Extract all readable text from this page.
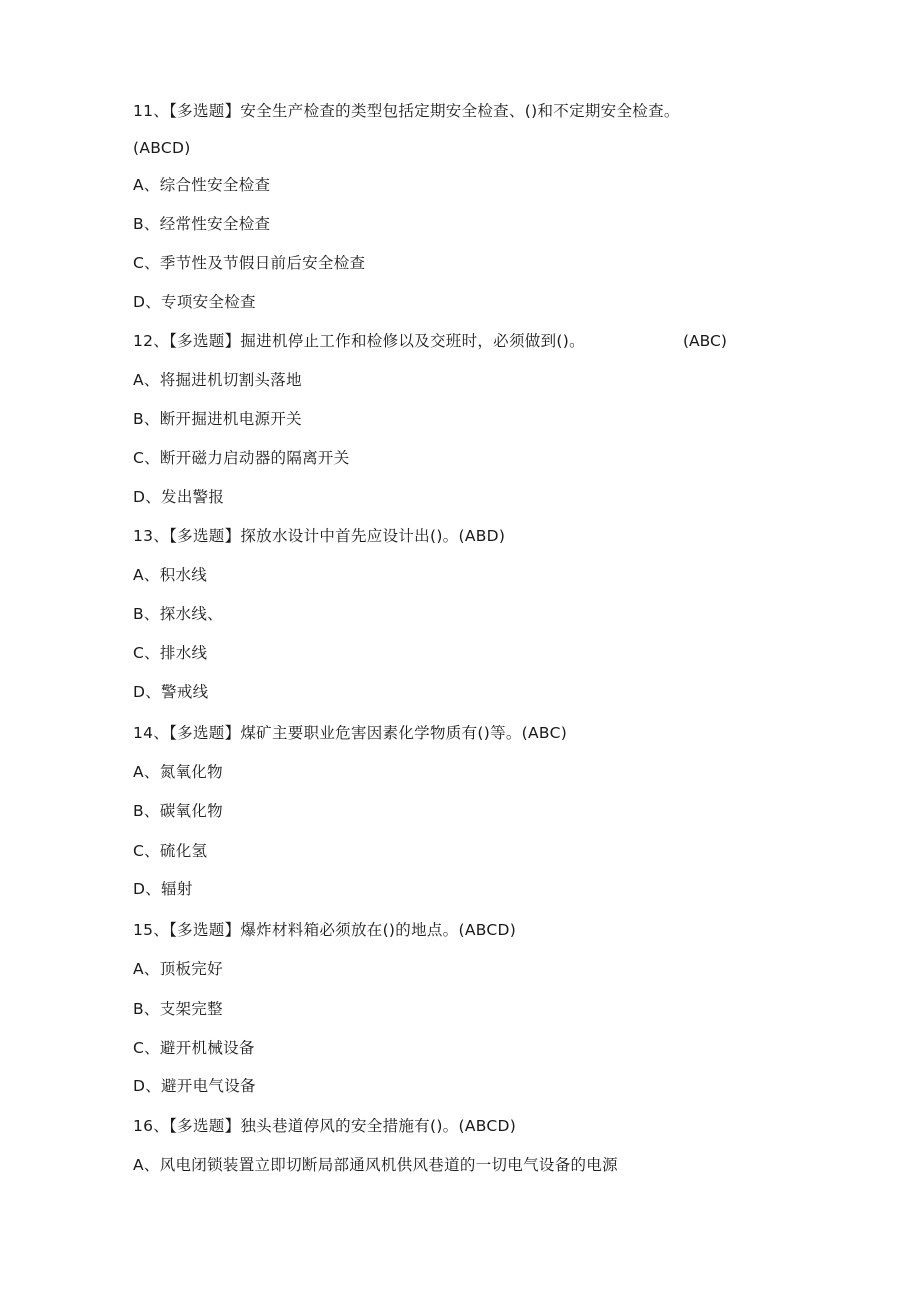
11、【多选题】安全生产检查的类型包括定期安全检查、()和不定期安全检查。
(ABCD)
A、综合性安全检查
B、经常性安全检查
C、季节性及节假日前后安全检查
D、专项安全检查
12、【多选题】掘进机停止工作和检修以及交班时，必须做到()。	(ABC)
A、将掘进机切割头落地
B、断开掘进机电源开关
C、断开磁力启动器的隔离开关
D、发出警报
13、【多选题】探放水设计中首先应设计出()。(ABD)
A、积水线
B、探水线、
C、排水线
D、警戒线
14、【多选题】煤矿主要职业危害因素化学物质有()等。(ABC)
A、氮氧化物
B、碳氧化物
C、硫化氢
D、辐射
15、【多选题】爆炸材料箱必须放在()的地点。(ABCD)
A、顶板完好
B、支架完整
C、避开机械设备
D、避开电气设备
16、【多选题】独头巷道停风的安全措施有()。(ABCD)
A、风电闭锁装置立即切断局部通风机供风巷道的一切电气设备的电源
